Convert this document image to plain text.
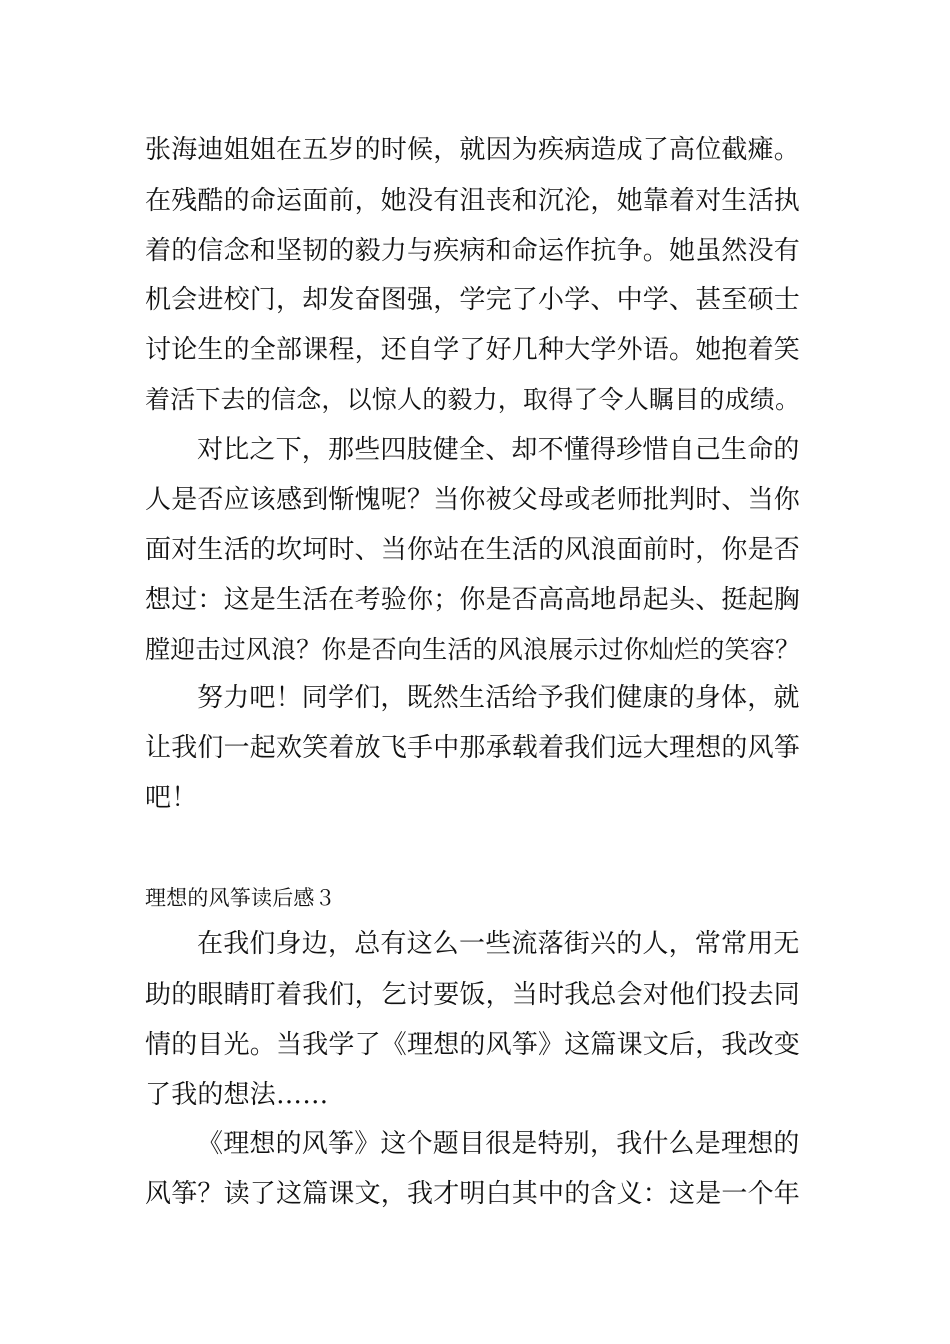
张海迪姐姐在五岁的时候，就因为疾病造成了高位截瘫。
在残酷的命运面前，她没有沮丧和沉沦，她靠着对生活执
着的信念和坚韧的毅力与疾病和命运作抗争。她虽然没有
机会进校门，却发奋图强，学完了小学、中学、甚至硕士
讨论生的全部课程，还自学了好几种大学外语。她抱着笑
着活下去的信念，以惊人的毅力，取得了令人瞩目的成绩。
对比之下，那些四肢健全、却不懂得珍惜自己生命的
人是否应该感到惭愧呢？当你被父母或老师批判时、当你
面对生活的坎坷时、当你站在生活的风浪面前时，你是否
想过：这是生活在考验你；你是否高高地昂起头、挺起胸
膛迎击过风浪？你是否向生活的风浪展示过你灿烂的笑容？
努力吧！同学们，既然生活给予我们健康的身体，就
让我们一起欢笑着放飞手中那承载着我们远大理想的风筝
吧！
理想的风筝读后感３
在我们身边，总有这么一些流落街兴的人，常常用无
助的眼睛盯着我们，乞讨要饭，当时我总会对他们投去同
情的目光。当我学了《理想的风筝》这篇课文后，我改变
了我的想法……
《理想的风筝》这个题目很是特别，我什么是理想的
风筝？读了这篇课文，我才明白其中的含义：这是一个年
